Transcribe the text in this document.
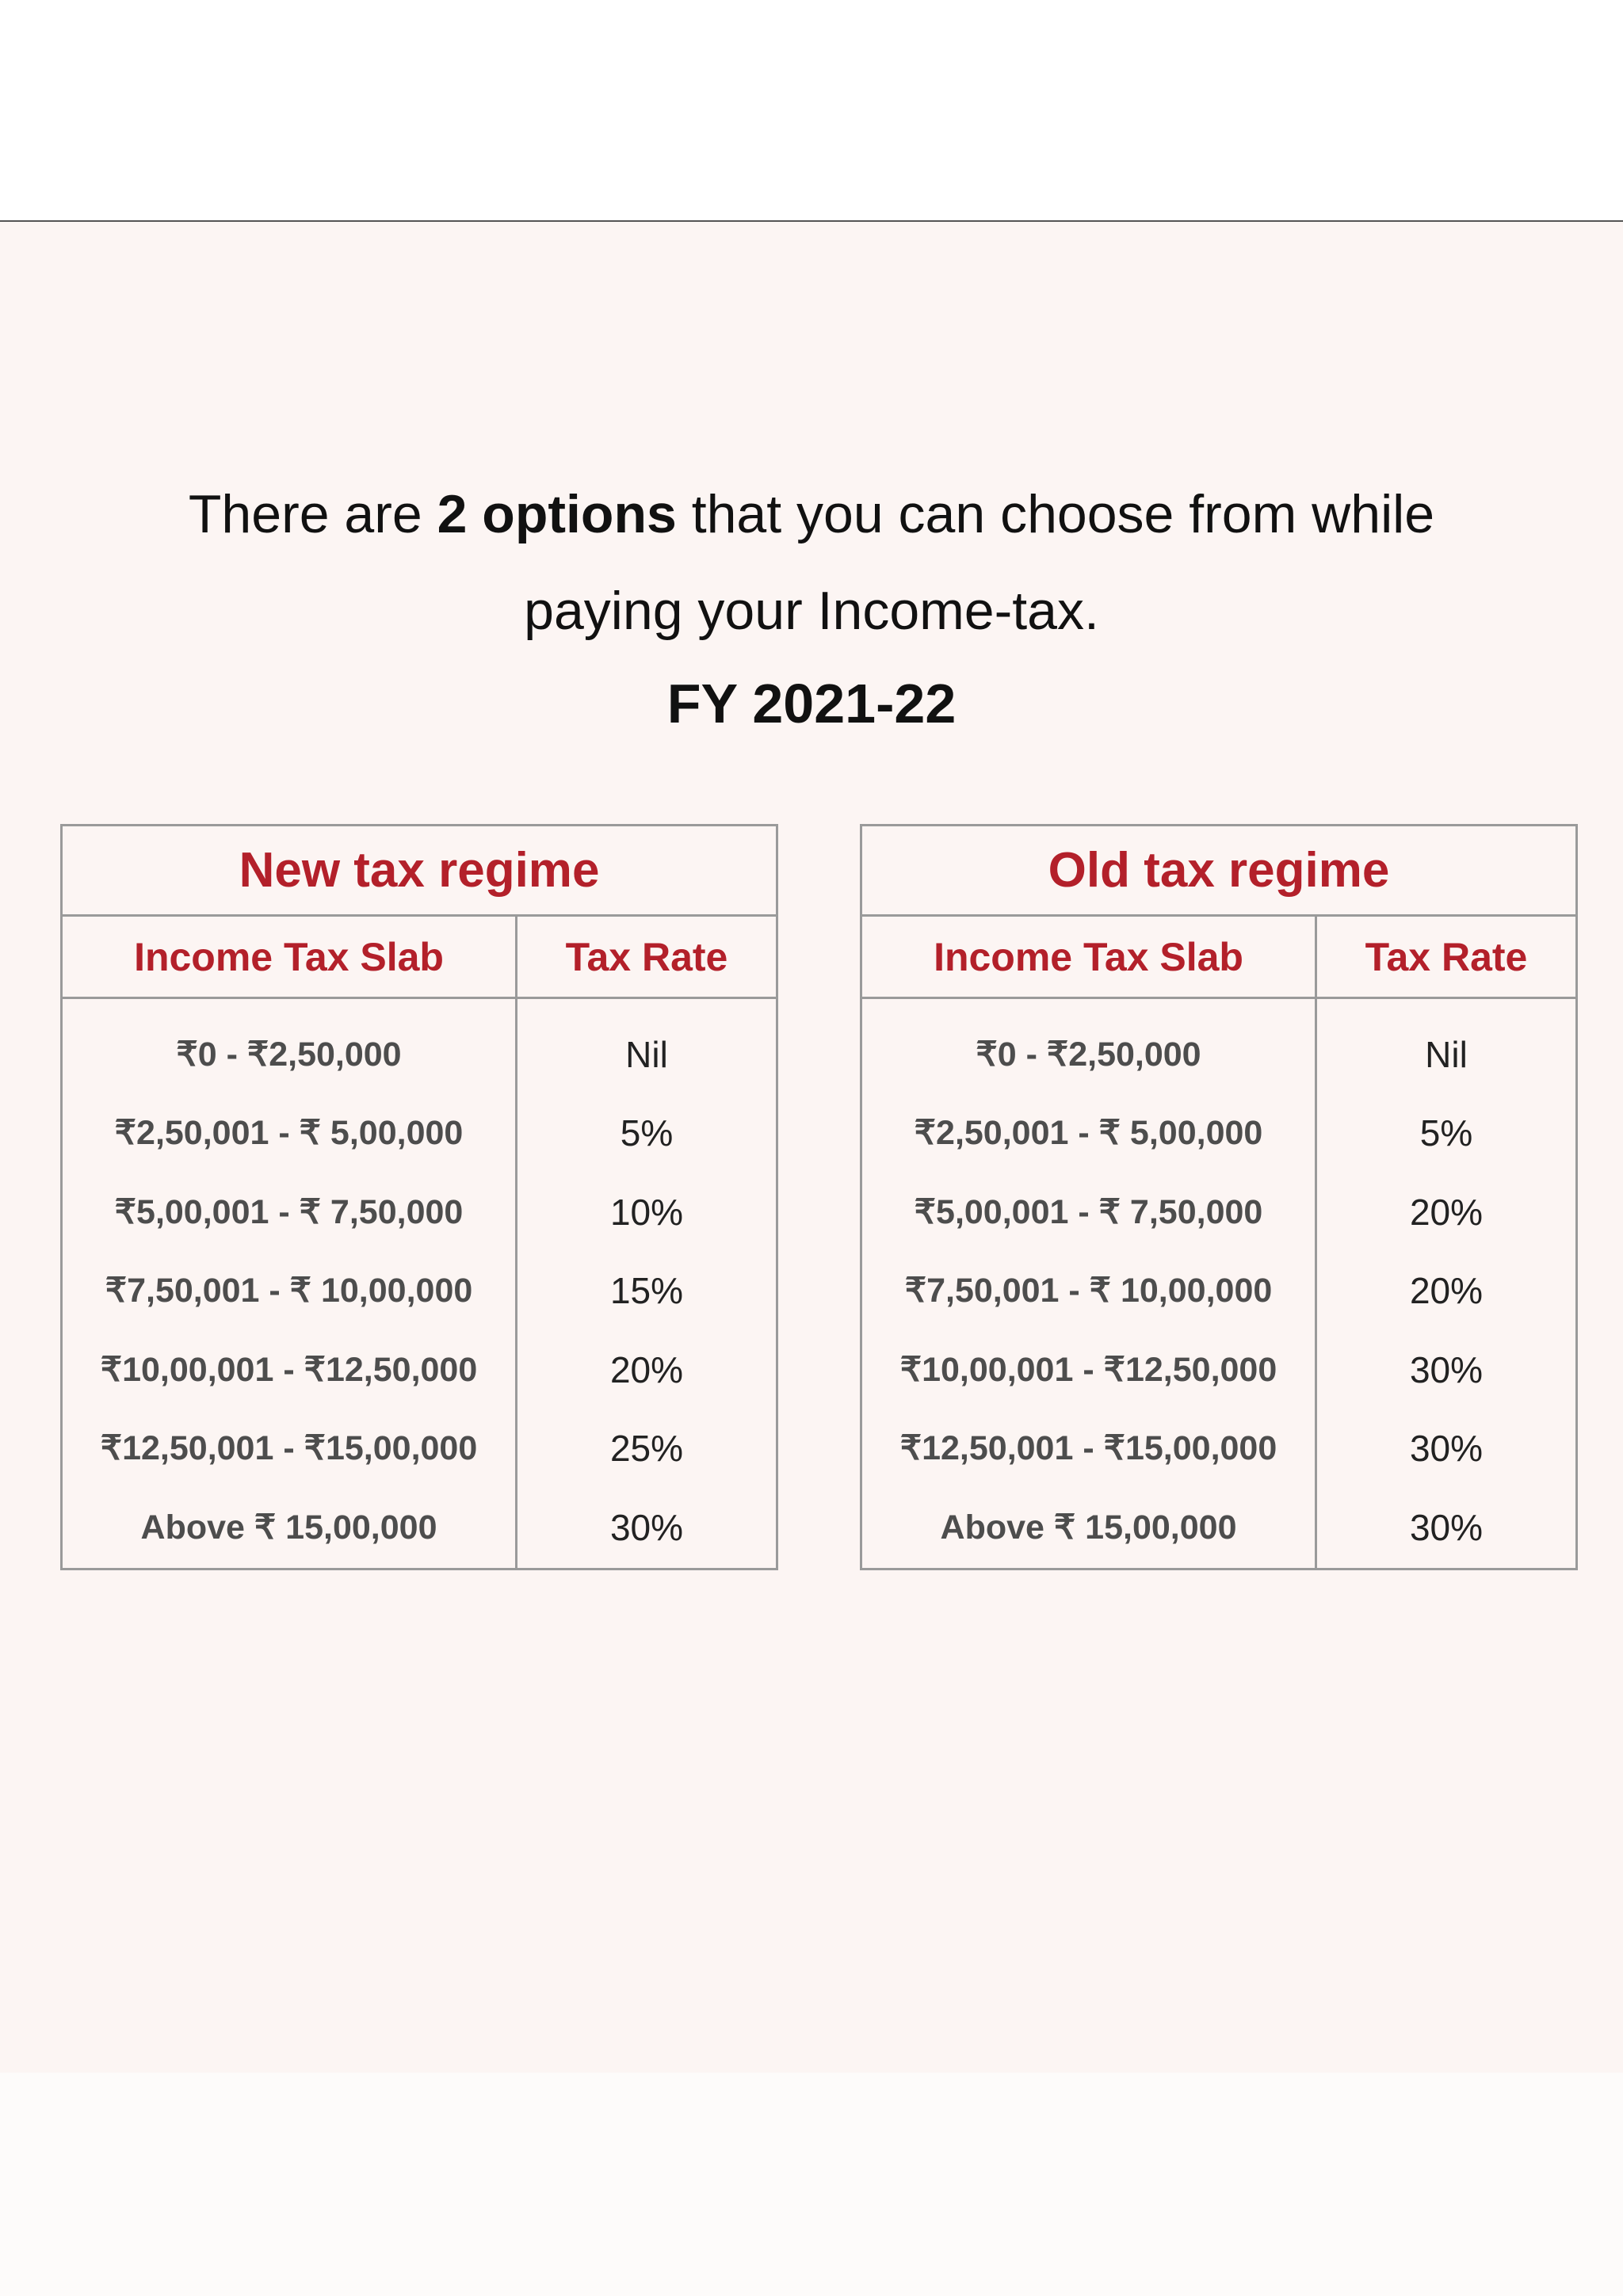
There are 2 options that you can choose from while paying your Income-tax.

FY 2021-22
New tax regime
Income Tax Slab	Tax Rate
₹0 - ₹2,50,000
₹2,50,001 - ₹ 5,00,000
₹5,00,001 - ₹ 7,50,000
₹7,50,001 - ₹ 10,00,000
₹10,00,001 - ₹12,50,000
₹12,50,001 - ₹15,00,000
Above ₹ 15,00,000
Nil
5%
10%
15%
20%
25%
30%
Old tax regime
Income Tax Slab	Tax Rate
₹0 - ₹2,50,000
₹2,50,001 - ₹ 5,00,000
₹5,00,001 - ₹ 7,50,000
₹7,50,001 - ₹ 10,00,000
₹10,00,001 - ₹12,50,000
₹12,50,001 - ₹15,00,000
Above ₹ 15,00,000
Nil
5%
20%
20%
30%
30%
30%
